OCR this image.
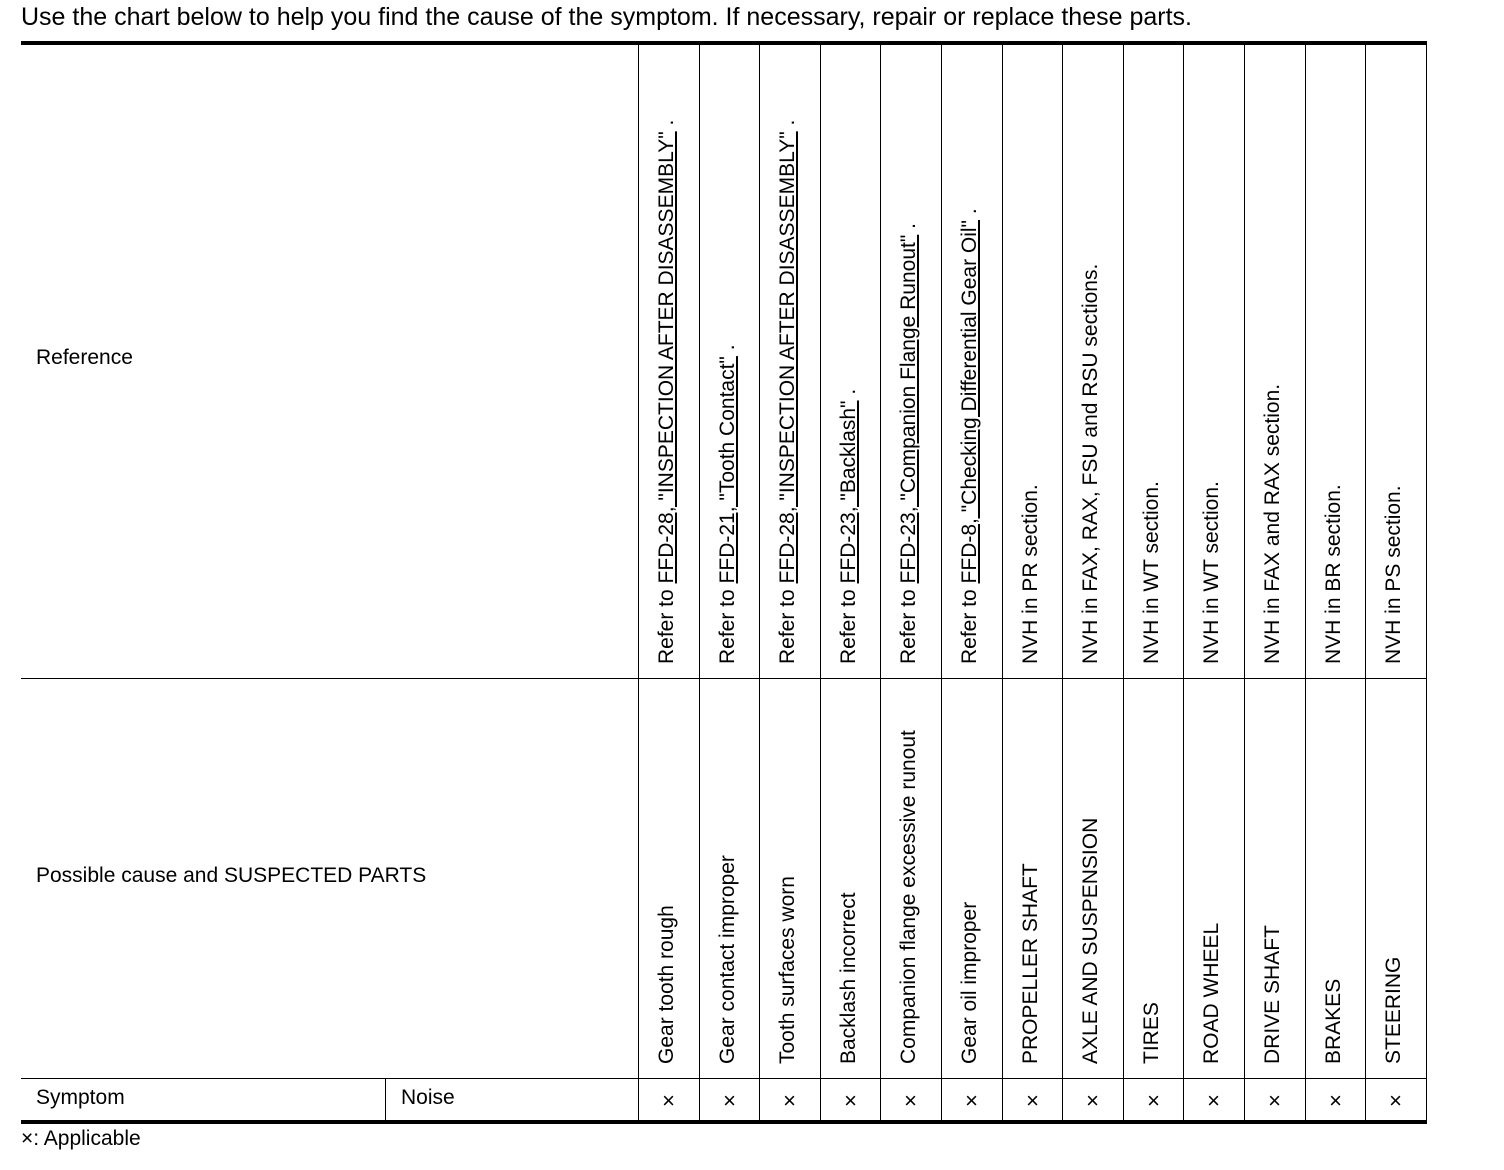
Use the chart below to help you find the cause of the symptom. If necessary, repair or replace these parts.
Reference
Possible cause and SUSPECTED PARTS
Symptom	Noise
Refer to FFD-28, "INSPECTION AFTER DISASSEMBLY" .
Gear tooth rough
×
Refer to FFD-21, "Tooth Contact" .
Gear contact improper
×
Refer to FFD-28, "INSPECTION AFTER DISASSEMBLY" .
Tooth surfaces worn
×
Refer to FFD-23, "Backlash" .
Backlash incorrect
×
Refer to FFD-23, "Companion Flange Runout" .
Companion flange excessive runout
×
Refer to FFD-8, "Checking Differential Gear Oil" .
Gear oil improper
×
NVH in PR section.
PROPELLER SHAFT
×
NVH in FAX, RAX, FSU and RSU sections.
AXLE AND SUSPENSION
×
NVH in WT section.
TIRES
×
NVH in WT section.
ROAD WHEEL
×
NVH in FAX and RAX section.
DRIVE SHAFT
×
NVH in BR section.
BRAKES
×
NVH in PS section.
STEERING
×
×: Applicable
